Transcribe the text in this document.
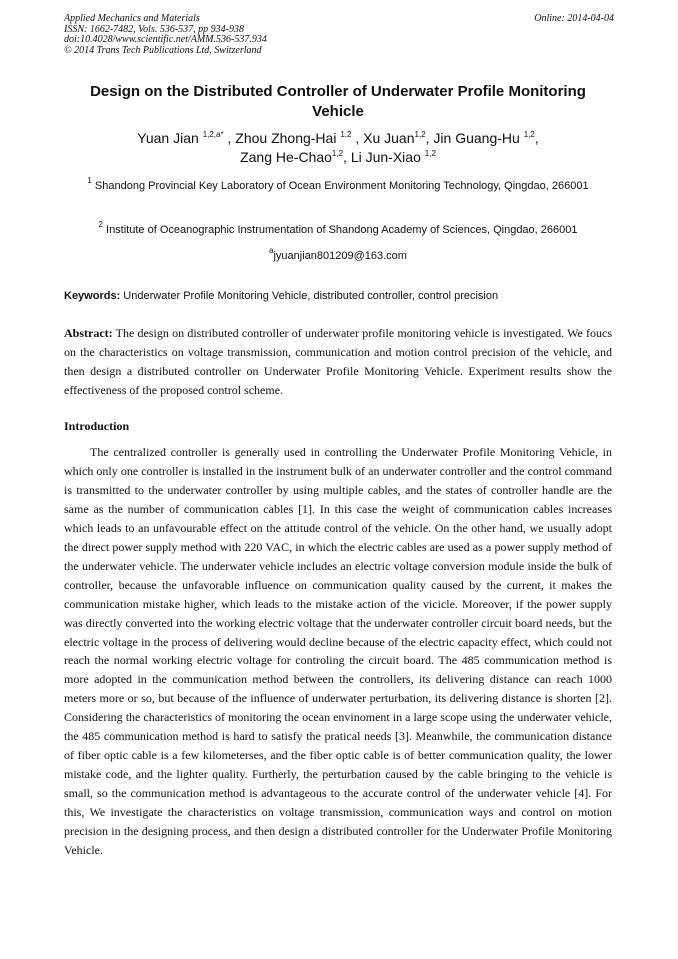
Applied Mechanics and Materials
ISSN: 1662-7482, Vols. 536-537, pp 934-938
doi:10.4028/www.scientific.net/AMM.536-537.934
© 2014 Trans Tech Publications Ltd, Switzerland
Online: 2014-04-04
Design on the Distributed Controller of Underwater Profile Monitoring Vehicle
Yuan Jian $^{1,2,a*}$ , Zhou Zhong-Hai $^{1,2}$ , Xu Juan$^{1,2}$, Jin Guang-Hu $^{1,2}$,
Zang He-Chao$^{1,2}$, Li Jun-Xiao $^{1,2}$
$^1$ Shandong Provincial Key Laboratory of Ocean Environment Monitoring Technology, Qingdao, 266001
$^2$ Institute of Oceanographic Instrumentation of Shandong Academy of Sciences, Qingdao, 266001
$^a$jyuanjian801209@163.com
Keywords: Underwater Profile Monitoring Vehicle, distributed controller, control precision
Abstract: The design on distributed controller of underwater profile monitoring vehicle is investigated. We foucs on the characteristics on voltage transmission, communication and motion control precision of the vehicle, and then design a distributed controller on Underwater Profile Monitoring Vehicle. Experiment results show the effectiveness of the proposed control scheme.
Introduction

The centralized controller is generally used in controlling the Underwater Profile Monitoring Vehicle, in which only one controller is installed in the instrument bulk of an underwater controller and the control command is transmitted to the underwater controller by using multiple cables, and the states of controller handle are the same as the number of communication cables [1]. In this case the weight of communication cables increases which leads to an unfavourable effect on the attitude control of the vehicle. On the other hand, we usually adopt the direct power supply method with 220 VAC, in which the electric cables are used as a power supply method of the underwater vehicle. The underwater vehicle includes an electric voltage conversion module inside the bulk of controller, because the unfavorable influence on communication quality caused by the current, it makes the communication mistake higher, which leads to the mistake action of the vicicle. Moreover, if the power supply was directly converted into the working electric voltage that the underwater controller circuit board needs, but the electric voltage in the process of delivering would decline because of the electric capacity effect, which could not reach the normal working electric voltage for controling the circuit board. The 485 communication method is more adopted in the communication method between the controllers, its delivering distance can reach 1000 meters more or so, but because of the influence of underwater perturbation, its delivering distance is shorten [2]. Considering the characteristics of monitoring the ocean envinoment in a large scope using the underwater vehicle, the 485 communication method is hard to satisfy the pratical needs [3]. Meanwhile, the communication distance of fiber optic cable is a few kilometerses, and the fiber optic cable is of better communication quality, the lower mistake code, and the lighter quality. Furtherly, the perturbation caused by the cable bringing to the vehicle is small, so the communication method is advantageous to the accurate control of the underwater vehicle [4]. For this, We investigate the characteristics on voltage transmission, communication ways and control on motion precision in the designing process, and then design a distributed controller for the Underwater Profile Monitoring Vehicle.
